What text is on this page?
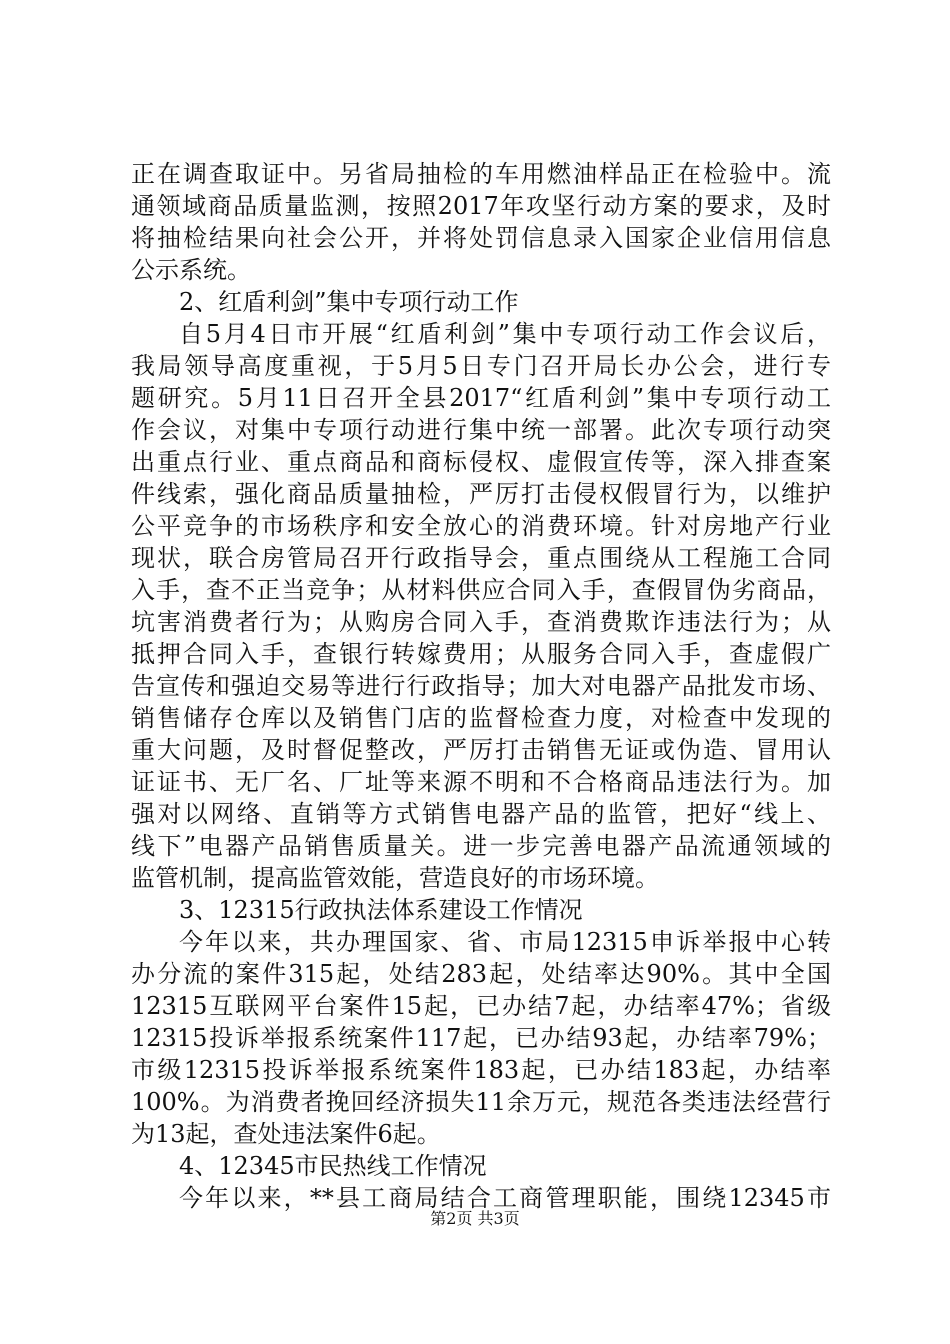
正在调查取证中。另省局抽检的车用燃油样品正在检验中。流
通领域商品质量监测，按照2017年攻坚行动方案的要求，及时
将抽检结果向社会公开，并将处罚信息录入国家企业信用信息
公示系统。
2、红盾利剑”集中专项行动工作
自5月4日市开展“红盾利剑”集中专项行动工作会议后，
我局领导高度重视，于5月5日专门召开局长办公会，进行专
题研究。5月11日召开全县2017“红盾利剑”集中专项行动工
作会议，对集中专项行动进行集中统一部署。此次专项行动突
出重点行业、重点商品和商标侵权、虚假宣传等，深入排查案
件线索，强化商品质量抽检，严厉打击侵权假冒行为，以维护
公平竞争的市场秩序和安全放心的消费环境。针对房地产行业
现状，联合房管局召开行政指导会，重点围绕从工程施工合同
入手，查不正当竞争；从材料供应合同入手，查假冒伪劣商品，
坑害消费者行为；从购房合同入手，查消费欺诈违法行为；从
抵押合同入手，查银行转嫁费用；从服务合同入手，查虚假广
告宣传和强迫交易等进行行政指导；加大对电器产品批发市场、
销售储存仓库以及销售门店的监督检查力度，对检查中发现的
重大问题，及时督促整改，严厉打击销售无证或伪造、冒用认
证证书、无厂名、厂址等来源不明和不合格商品违法行为。加
强对以网络、直销等方式销售电器产品的监管，把好“线上、
线下”电器产品销售质量关。进一步完善电器产品流通领域的
监管机制，提高监管效能，营造良好的市场环境。
3、12315行政执法体系建设工作情况
今年以来，共办理国家、省、市局12315申诉举报中心转
办分流的案件315起，处结283起，处结率达90%。其中全国
12315互联网平台案件15起，已办结7起，办结率47%；省级
12315投诉举报系统案件117起，已办结93起，办结率79%；
市级12315投诉举报系统案件183起，已办结183起，办结率
100%。为消费者挽回经济损失11余万元，规范各类违法经营行
为13起，查处违法案件6起。
4、12345市民热线工作情况
今年以来，**县工商局结合工商管理职能，围绕12345市
第2页 共3页
